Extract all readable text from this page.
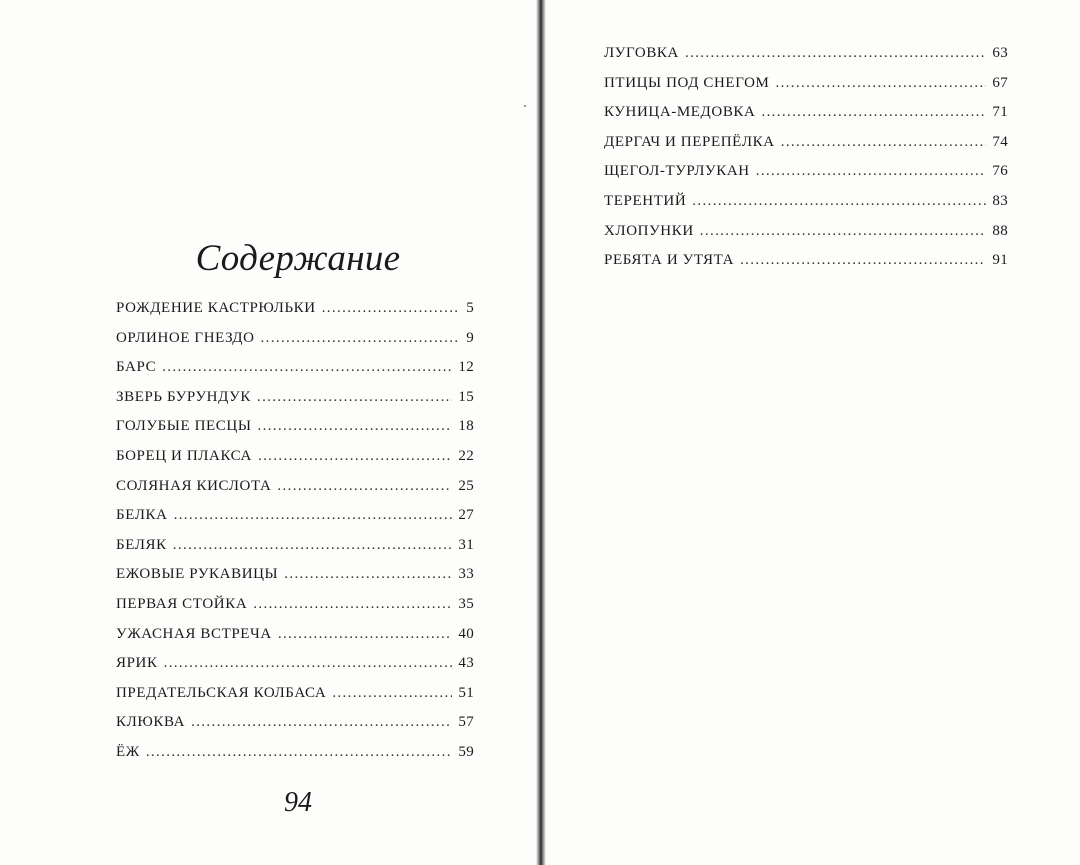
Содержание
РОЖДЕНИЕ КАСТРЮЛЬКИ . . .	5
ОРЛИНОЕ ГНЕЗДО . . .	9
БАРС . . .	12
ЗВЕРЬ БУРУНДУК . . .	15
ГОЛУБЫЕ ПЕСЦЫ . . .	18
БОРЕЦ И ПЛАКСА . . .	22
СОЛЯНАЯ КИСЛОТА . . .	25
БЕЛКА . . .	27
БЕЛЯК . . .	31
ЕЖОВЫЕ РУКАВИЦЫ . . .	33
ПЕРВАЯ СТОЙКА . . .	35
УЖАСНАЯ ВСТРЕЧА . . .	40
ЯРИК . . .	43
ПРЕДАТЕЛЬСКАЯ КОЛБАСА . . .	51
КЛЮКВА . . .	57
ЁЖ . . .	59
94
ЛУГОВКА . . .	63
ПТИЦЫ ПОД СНЕГОМ . . .	67
КУНИЦА-МЕДОВКА . . .	71
ДЕРГАЧ И ПЕРЕПЁЛКА . . .	74
ЩЕГОЛ-ТУРЛУКАН . . .	76
ТЕРЕНТИЙ . . .	83
ХЛОПУНКИ . . .	88
РЕБЯТА И УТЯТА . . .	91
